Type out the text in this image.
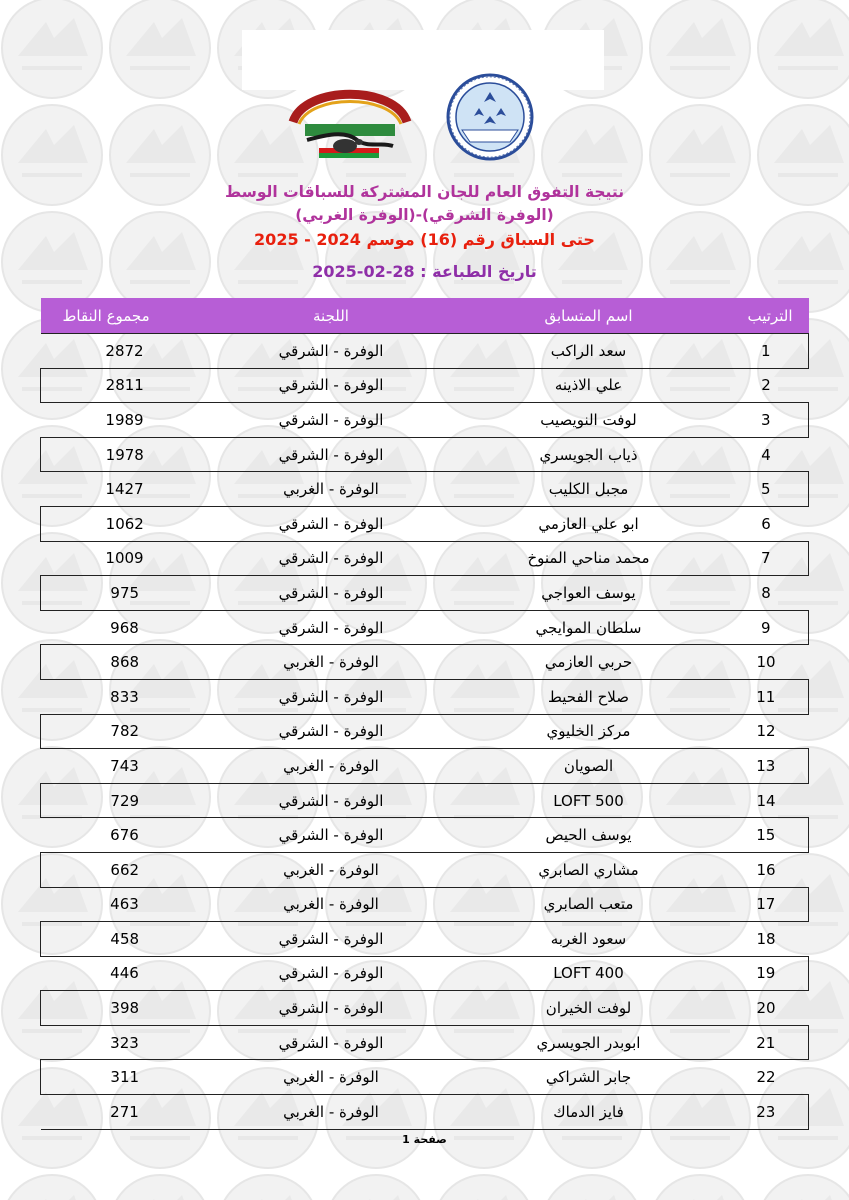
نتيجة التفوق العام للجان المشتركة للسباقات الوسط
(الوفرة الشرقي)-(الوفرة الغربي)
حتى السباق رقم (16) موسم 2024 - 2025
تاريخ الطباعة : 28-02-2025
الترتيب	اسم المتسابق	اللجنة	مجموع النقاط
1	سعد الراكب	الوفرة - الشرقي	2872
2	علي الاذينه	الوفرة - الشرقي	2811
3	لوفت النويصيب	الوفرة - الشرقي	1989
4	ذياب الجويسري	الوفرة - الشرقي	1978
5	مجبل الكليب	الوفرة - الغربي	1427
6	ابو علي العازمي	الوفرة - الشرقي	1062
7	محمد مناحي المنوخ	الوفرة - الشرقي	1009
8	يوسف العواجي	الوفرة - الشرقي	975
9	سلطان الموايجي	الوفرة - الشرقي	968
10	حربي العازمي	الوفرة - الغربي	868
11	صلاح الفحيط	الوفرة - الشرقي	833
12	مركز الخليوي	الوفرة - الشرقي	782
13	الصويان	الوفرة - الغربي	743
14	LOFT 500	الوفرة - الشرقي	729
15	يوسف الحيص	الوفرة - الشرقي	676
16	مشاري الصابري	الوفرة - الغربي	662
17	متعب الصابري	الوفرة - الغربي	463
18	سعود الغربه	الوفرة - الشرقي	458
19	LOFT 400	الوفرة - الشرقي	446
20	لوفت الخيران	الوفرة - الشرقي	398
21	ابوبدر الجويسري	الوفرة - الشرقي	323
22	جابر الشراكي	الوفرة - الغربي	311
23	فايز الدماك	الوفرة - الغربي	271
صفحة 1
